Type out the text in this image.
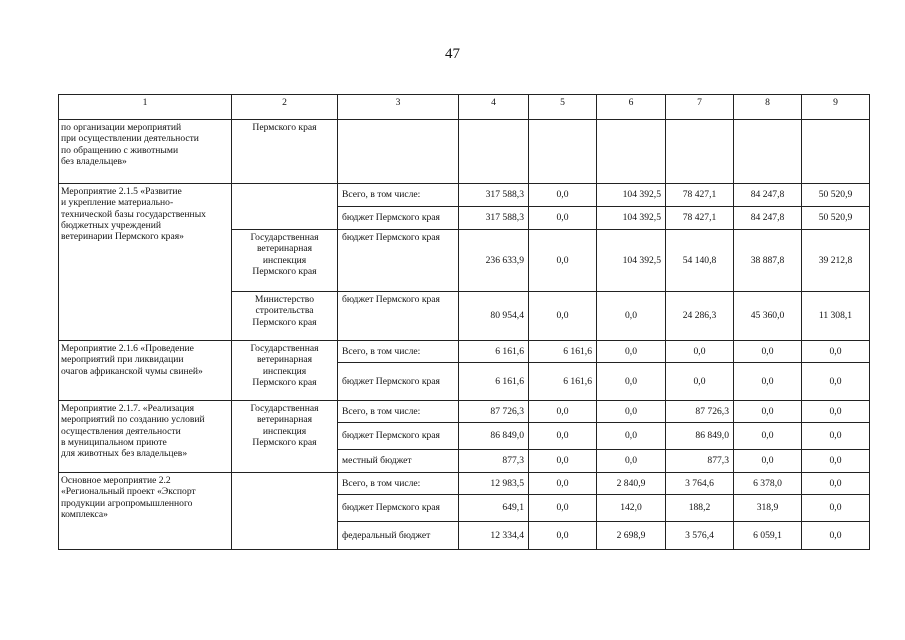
47
1	2	3	4	5	6	7	8	9
по организации мероприятий
при осуществлении деятельности
по обращению с животными
без владельцев»	Пермского края							
Мероприятие 2.1.5 «Развитие
и укрепление материально-
технической базы государственных
бюджетных учреждений
ветеринарии Пермского края»		Всего, в том числе:	317 588,3	0,0	104 392,5	78 427,1	84 247,8	50 520,9
		бюджет Пермского края	317 588,3	0,0	104 392,5	78 427,1	84 247,8	50 520,9
	Государственная
ветеринарная
инспекция
Пермского края	бюджет Пермского края	236 633,9	0,0	104 392,5	54 140,8	38 887,8	39 212,8
	Министерство
строительства
Пермского края	бюджет Пермского края	80 954,4	0,0	0,0	24 286,3	45 360,0	11 308,1
Мероприятие 2.1.6 «Проведение
мероприятий при ликвидации
очагов африканской чумы свиней»	Государственная
ветеринарная
инспекция
Пермского края	Всего, в том числе:	6 161,6	6 161,6	0,0	0,0	0,0	0,0
		бюджет Пермского края	6 161,6	6 161,6	0,0	0,0	0,0	0,0
Мероприятие 2.1.7. «Реализация
мероприятий по созданию условий
осуществления деятельности
в муниципальном приюте
для животных без владельцев»	Государственная
ветеринарная
инспекция
Пермского края	Всего, в том числе:	87 726,3	0,0	0,0	87 726,3	0,0	0,0
		бюджет Пермского края	86 849,0	0,0	0,0	86 849,0	0,0	0,0
		местный бюджет	877,3	0,0	0,0	877,3	0,0	0,0
Основное мероприятие 2.2
«Региональный проект «Экспорт
продукции агропромышленного
комплекса»		Всего, в том числе:	12 983,5	0,0	2 840,9	3 764,6	6 378,0	0,0
		бюджет Пермского края	649,1	0,0	142,0	188,2	318,9	0,0
		федеральный бюджет	12 334,4	0,0	2 698,9	3 576,4	6 059,1	0,0
